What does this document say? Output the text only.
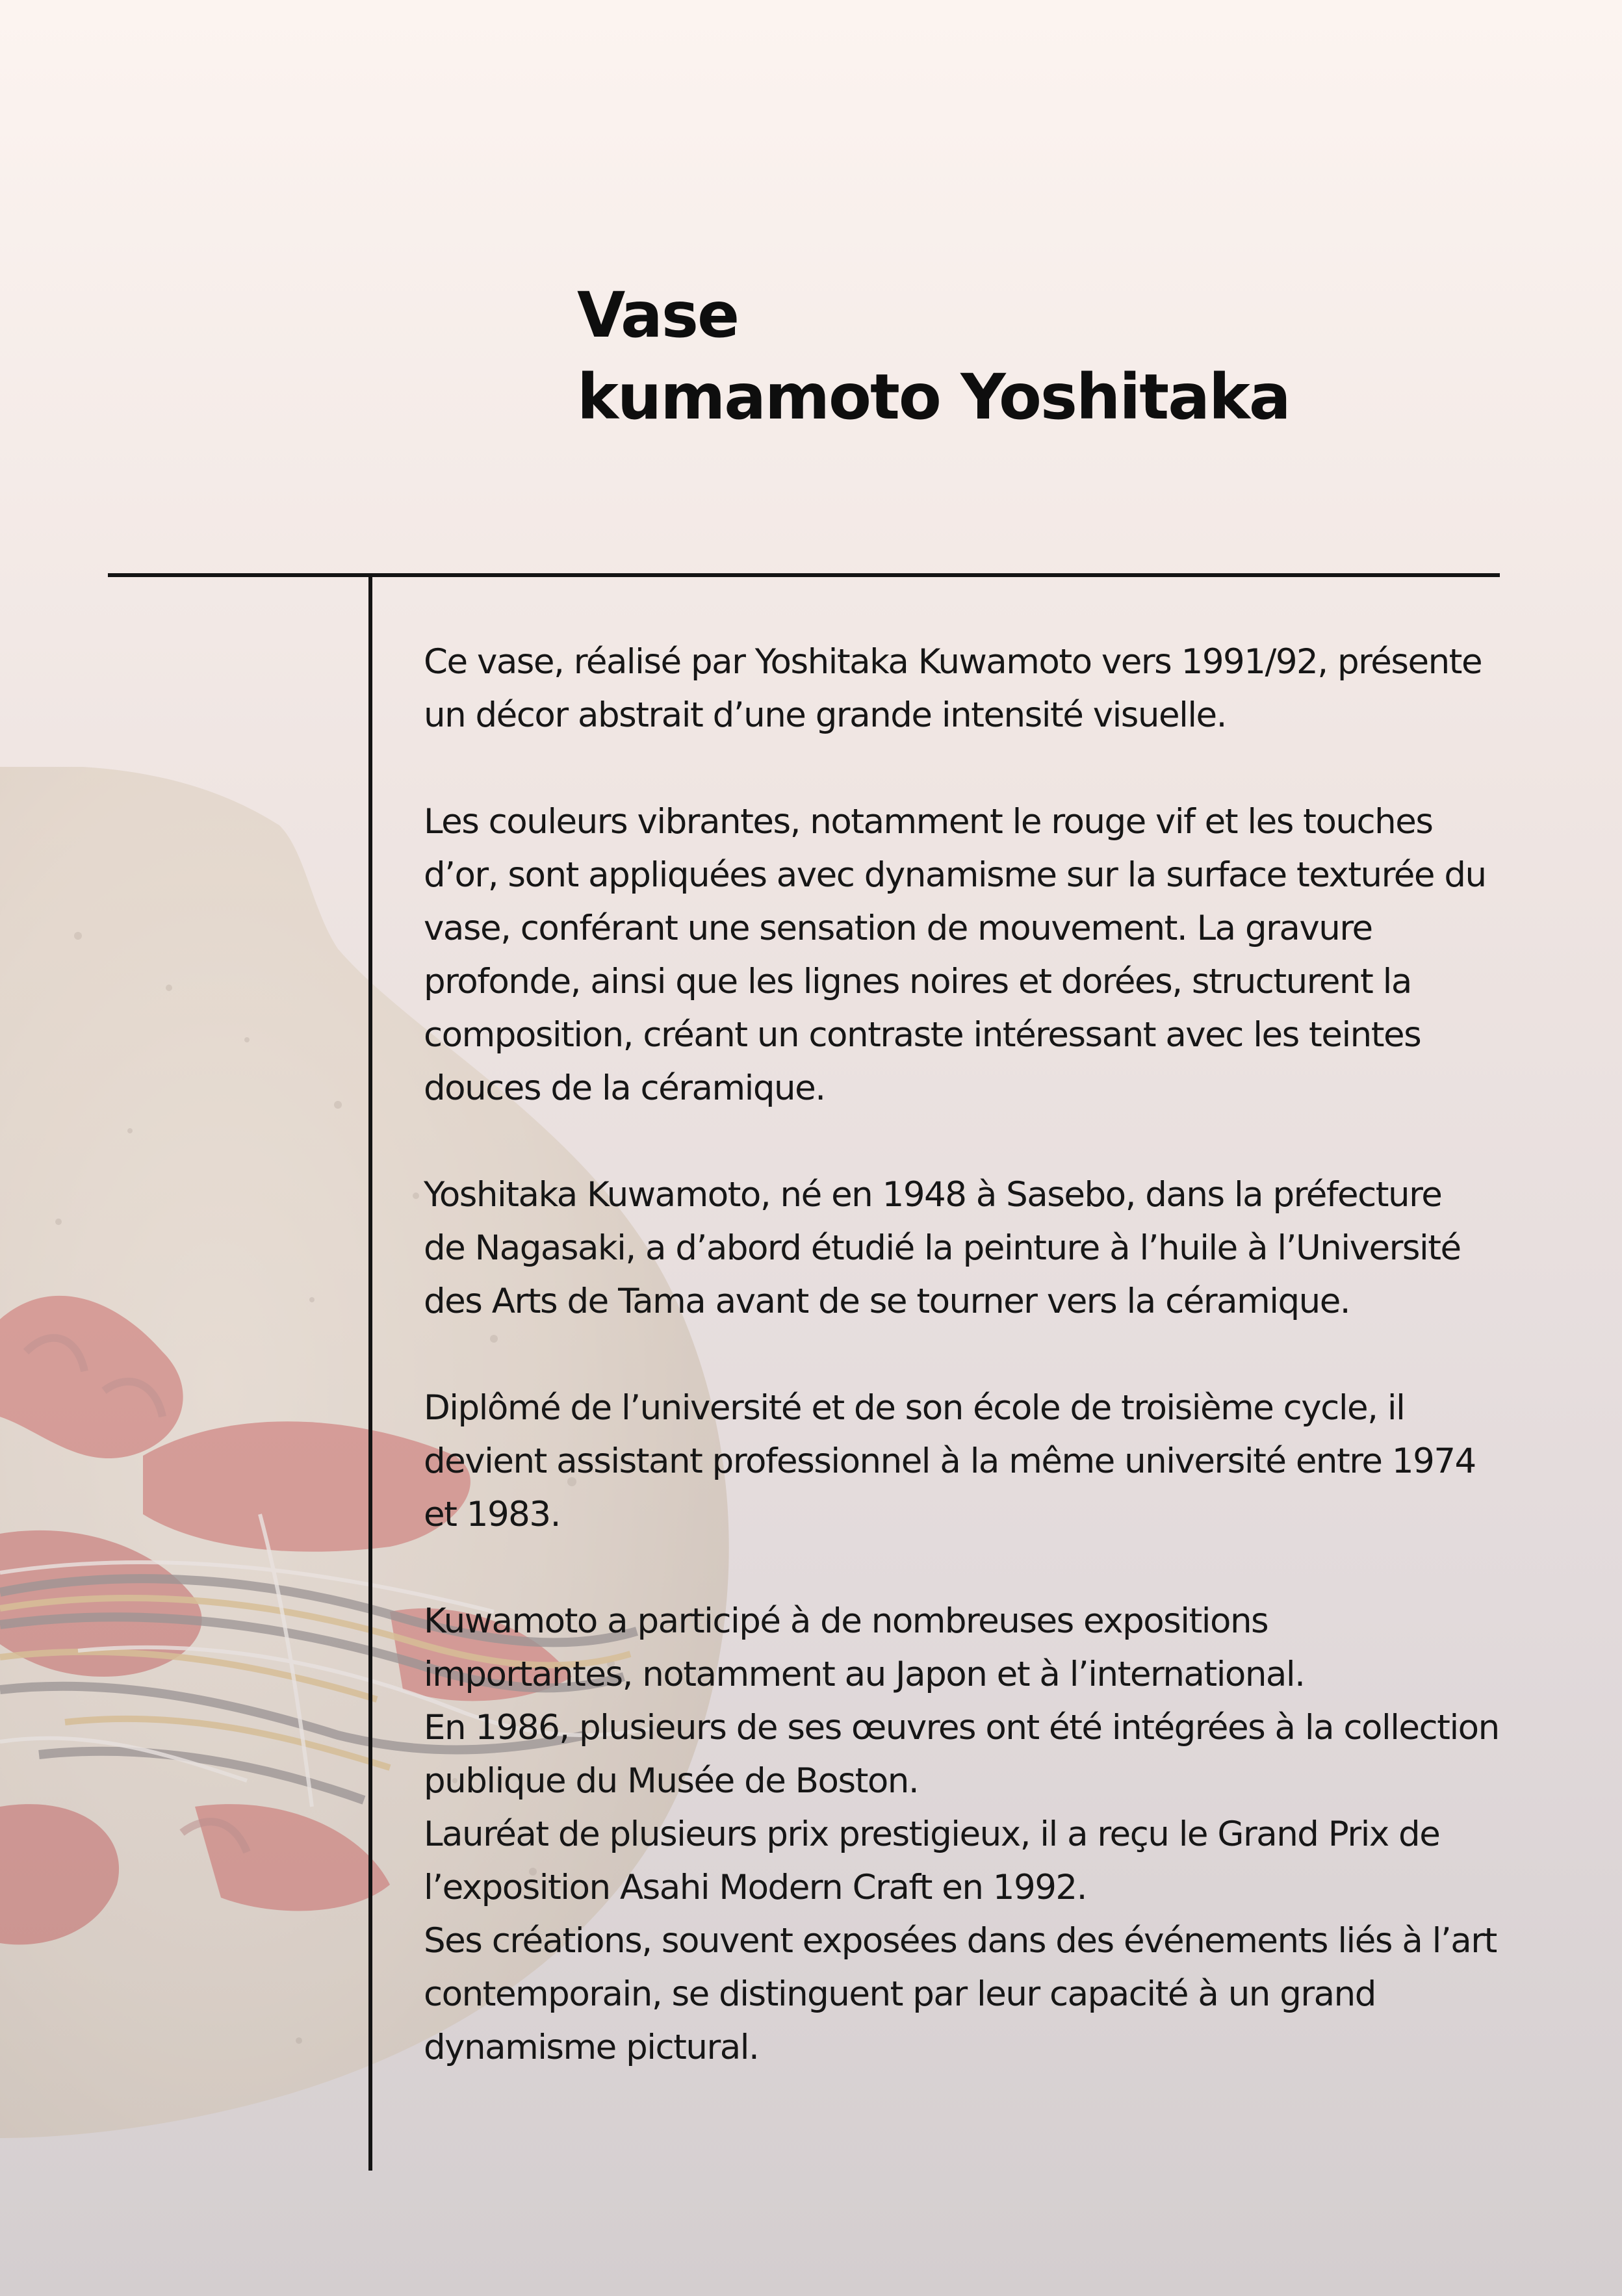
Vase
kumamoto Yoshitaka

Ce vase, réalisé par Yoshitaka Kuwamoto vers 1991/92, présente
un décor abstrait d’une grande intensité visuelle.

Les couleurs vibrantes, notamment le rouge vif et les touches
d’or, sont appliquées avec dynamisme sur la surface texturée du
vase, conférant une sensation de mouvement. La gravure
profonde, ainsi que les lignes noires et dorées, structurent la
composition, créant un contraste intéressant avec les teintes
douces de la céramique.

Yoshitaka Kuwamoto, né en 1948 à Sasebo, dans la préfecture
de Nagasaki, a d’abord étudié la peinture à l’huile à l’Université
des Arts de Tama avant de se tourner vers la céramique.

Diplômé de l’université et de son école de troisième cycle, il
devient assistant professionnel à la même université entre 1974
et 1983.

Kuwamoto a participé à de nombreuses expositions
importantes, notamment au Japon et à l’international.
En 1986, plusieurs de ses œuvres ont été intégrées à la collection
publique du Musée de Boston.
Lauréat de plusieurs prix prestigieux, il a reçu le Grand Prix de
l’exposition Asahi Modern Craft en 1992.
Ses créations, souvent exposées dans des événements liés à l’art
contemporain, se distinguent par leur capacité à un grand
dynamisme pictural.
